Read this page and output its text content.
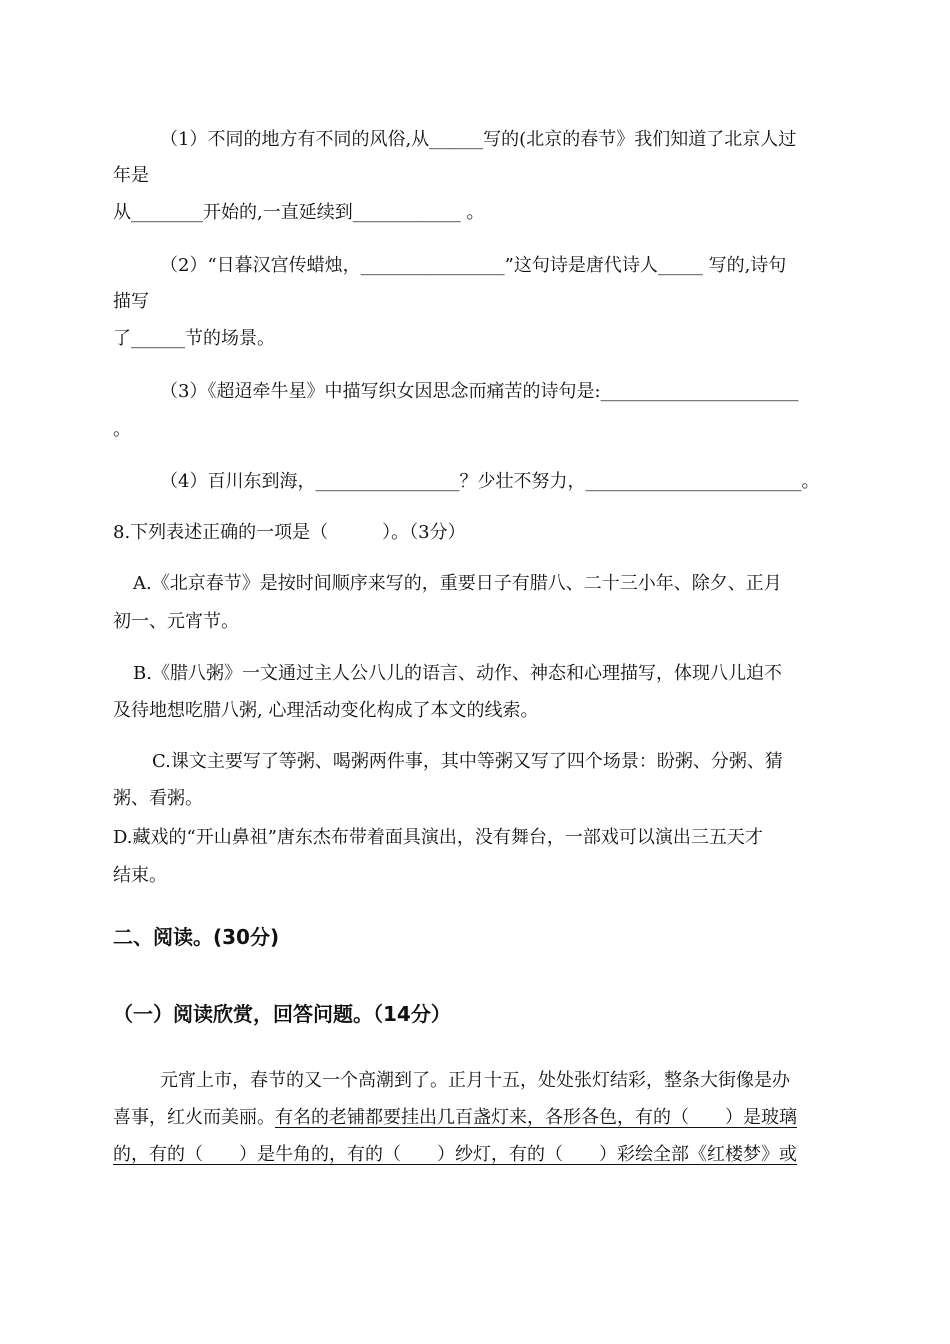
（1）不同的地方有不同的风俗,从______写的(北京的春节》我们知道了北京人过
年是
从________开始的,一直延续到____________ 。
（2）“日暮汉宫传蜡烛，________________”这句诗是唐代诗人_____ 写的,诗句
描写
了______节的场景。
（3）《超迢牵牛星》中描写织女因思念而痛苦的诗句是:______________________
。
（4）百川东到海，________________？少壮不努力，________________________。
8.下列表述正确的一项是（　　　）。（3分）
A.《北京春节》是按时间顺序来写的，重要日子有腊八、二十三小年、除夕、正月
初一、元宵节。
B.《腊八粥》一文通过主人公八儿的语言、动作、神态和心理描写，体现八儿迫不
及待地想吃腊八粥, 心理活动变化构成了本文的线索。
C.课文主要写了等粥、喝粥两件事，其中等粥又写了四个场景：盼粥、分粥、猜
粥、看粥。
D.藏戏的“开山鼻祖”唐东杰布带着面具演出，没有舞台，一部戏可以演出三五天才
结束。
二、阅读。(30分)
（一）阅读欣赏，回答问题。（14分）
元宵上市，春节的又一个高潮到了。正月十五，处处张灯结彩，整条大街像是办
喜事，红火而美丽。有名的老铺都要挂出几百盏灯来，各形各色，有的（　　）是玻璃
的，有的（　　）是牛角的，有的（　　）纱灯，有的（　　）彩绘全部《红楼梦》或
